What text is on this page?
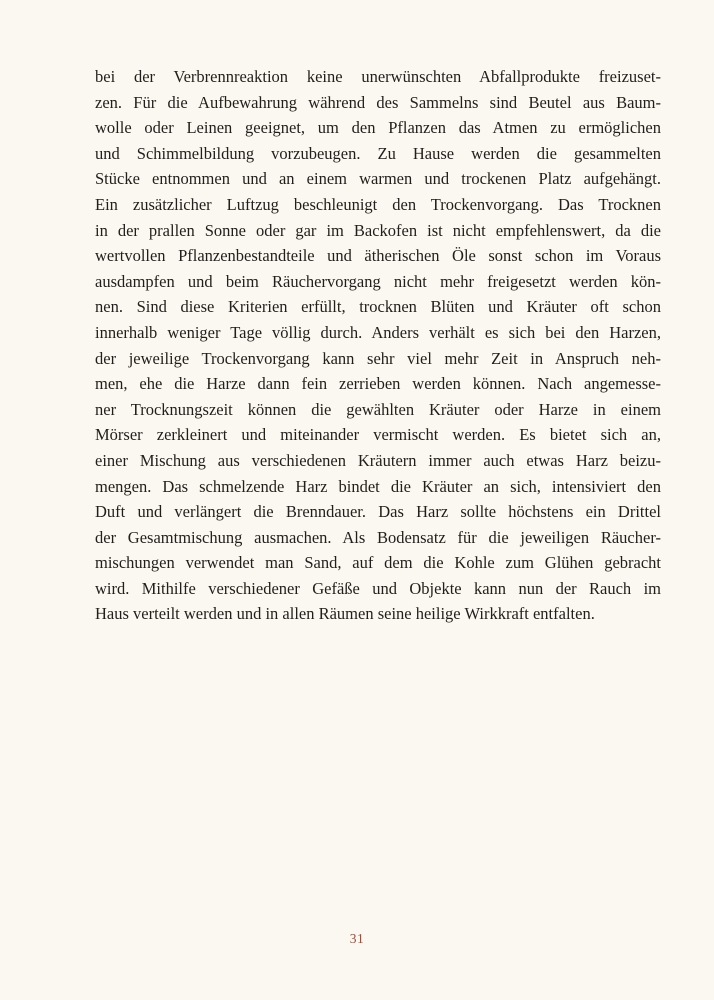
bei der Verbrennreaktion keine unerwünschten Abfallprodukte freizuset-
zen. Für die Aufbewahrung während des Sammelns sind Beutel aus Baum-
wolle oder Leinen geeignet, um den Pflanzen das Atmen zu ermöglichen
und Schimmelbildung vorzubeugen. Zu Hause werden die gesammelten
Stücke entnommen und an einem warmen und trockenen Platz aufgehängt.
Ein zusätzlicher Luftzug beschleunigt den Trockenvorgang. Das Trocknen
in der prallen Sonne oder gar im Backofen ist nicht empfehlenswert, da die
wertvollen Pflanzenbestandteile und ätherischen Öle sonst schon im Voraus
ausdampfen und beim Räuchervorgang nicht mehr freigesetzt werden kön-
nen. Sind diese Kriterien erfüllt, trocknen Blüten und Kräuter oft schon
innerhalb weniger Tage völlig durch. Anders verhält es sich bei den Harzen,
der jeweilige Trockenvorgang kann sehr viel mehr Zeit in Anspruch neh-
men, ehe die Harze dann fein zerrieben werden können. Nach angemesse-
ner Trocknungszeit können die gewählten Kräuter oder Harze in einem
Mörser zerkleinert und miteinander vermischt werden. Es bietet sich an,
einer Mischung aus verschiedenen Kräutern immer auch etwas Harz beizu-
mengen. Das schmelzende Harz bindet die Kräuter an sich, intensiviert den
Duft und verlängert die Brenndauer. Das Harz sollte höchstens ein Drittel
der Gesamtmischung ausmachen. Als Bodensatz für die jeweiligen Räucher-
mischungen verwendet man Sand, auf dem die Kohle zum Glühen gebracht
wird. Mithilfe verschiedener Gefäße und Objekte kann nun der Rauch im
Haus verteilt werden und in allen Räumen seine heilige Wirkkraft entfalten.
31
